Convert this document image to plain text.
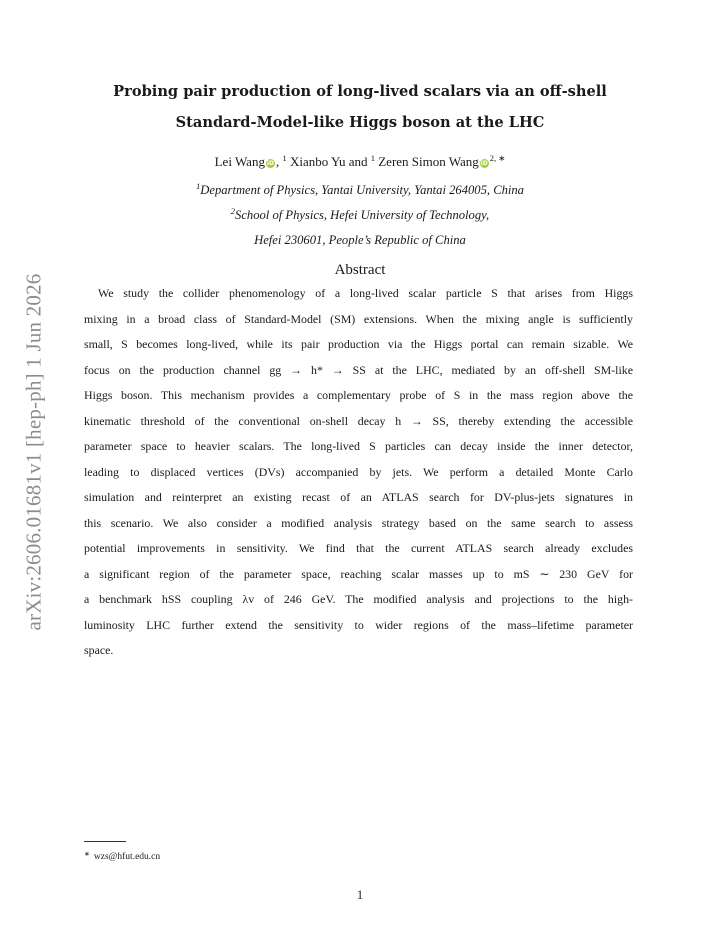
arXiv:2606.01681v1 [hep-ph] 1 Jun 2026
Probing pair production of long-lived scalars via an off-shell
Standard-Model-like Higgs boson at the LHC
Lei Wang iD , $^1$ Xianbo Yu and $^1$ Zeren Simon Wang $iD^{2, ∗}$
$^1$Department of Physics, Yantai University, Yantai 264005, China
$^2$School of Physics, Hefei University of Technology,
Hefei 230601, People’s Republic of China
Abstract
We study the collider phenomenology of a long-lived scalar particle S that arises from Higgs
mixing in a broad class of Standard-Model (SM) extensions. When the mixing angle is sufficiently
small, S becomes long-lived, while its pair production via the Higgs portal can remain sizable. We
focus on the production channel gg → h* → SS at the LHC, mediated by an off-shell SM-like
Higgs boson. This mechanism provides a complementary probe of S in the mass region above the
kinematic threshold of the conventional on-shell decay h → SS, thereby extending the accessible
parameter space to heavier scalars. The long-lived S particles can decay inside the inner detector,
leading to displaced vertices (DVs) accompanied by jets. We perform a detailed Monte Carlo
simulation and reinterpret an existing recast of an ATLAS search for DV-plus-jets signatures in
this scenario. We also consider a modified analysis strategy based on the same search to assess
potential improvements in sensitivity. We find that the current ATLAS search already excludes
a significant region of the parameter space, reaching scalar masses up to mS ∼ 230 GeV for
a benchmark hSS coupling λv of 246 GeV. The modified analysis and projections to the high-
luminosity LHC further extend the sensitivity to wider regions of the mass–lifetime parameter
space.
∗ wzs@hfut.edu.cn
1
